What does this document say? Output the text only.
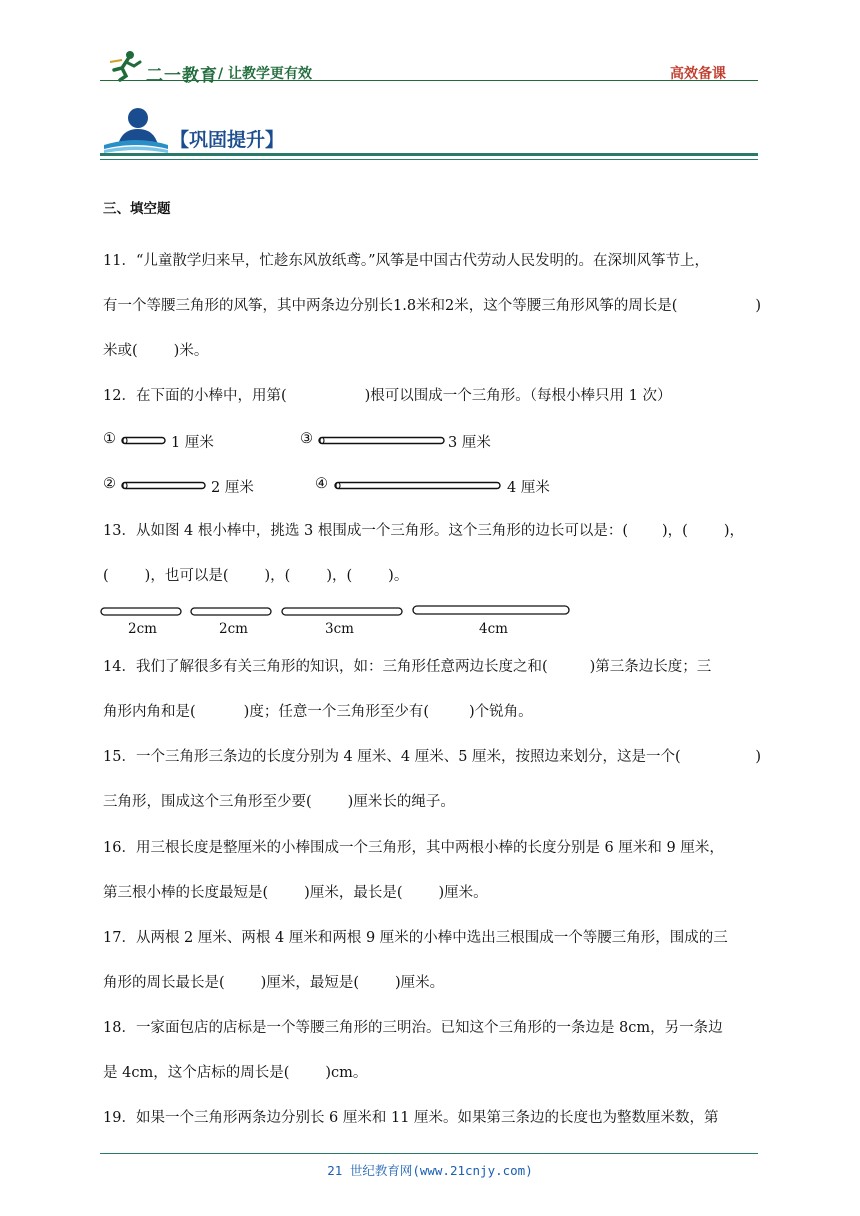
二一教育 / 让教学更有效	高效备课
【巩固提升】
三、填空题
11．“儿童散学归来早，忙趁东风放纸鸢。”风筝是中国古代劳动人民发明的。在深圳风筝节上，
有一个等腰三角形的风筝，其中两条边分别长1.8米和2米，这个等腰三角形风筝的周长是(	)
米或( )米。
12．在下面的小棒中，用第(	)根可以围成一个三角形。（每根小棒只用 1 次）
①	1 厘米	③	3 厘米
②	2 厘米	④	4 厘米
13．从如图 4 根小棒中，挑选 3 根围成一个三角形。这个三角形的边长可以是：( )，( )，
( )，也可以是( )，( )，( )。
2cm	2cm	3cm	4cm
14．我们了解很多有关三角形的知识，如：三角形任意两边长度之和(	)第三条边长度；三
角形内角和是(	)度；任意一个三角形至少有(	)个锐角。
15．一个三角形三条边的长度分别为 4 厘米、4 厘米、5 厘米，按照边来划分，这是一个(	)
三角形，围成这个三角形至少要( )厘米长的绳子。
16．用三根长度是整厘米的小棒围成一个三角形，其中两根小棒的长度分别是 6 厘米和 9 厘米，
第三根小棒的长度最短是( )厘米，最长是( )厘米。
17．从两根 2 厘米、两根 4 厘米和两根 9 厘米的小棒中选出三根围成一个等腰三角形，围成的三
角形的周长最长是( )厘米，最短是( )厘米。
18．一家面包店的店标是一个等腰三角形的三明治。已知这个三角形的一条边是 8cm，另一条边
是 4cm，这个店标的周长是( )cm。
19．如果一个三角形两条边分别长 6 厘米和 11 厘米。如果第三条边的长度也为整数厘米数，第
21 世纪教育网(www.21cnjy.com)
